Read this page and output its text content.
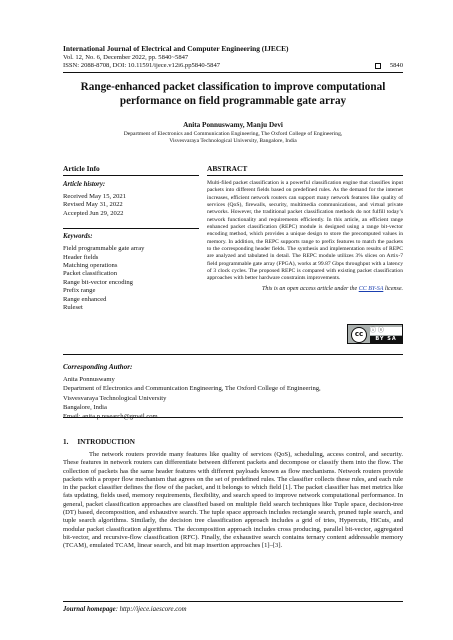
International Journal of Electrical and Computer Engineering (IJECE)
Vol. 12, No. 6, December 2022, pp. 5840~5847
ISSN: 2088-8708, DOI: 10.11591/ijece.v12i6.pp5840-5847	5840
Range-enhanced packet classification to improve computational performance on field programmable gate array
Anita Ponnuswamy, Manju Devi
Department of Electronics and Communication Engineering, The Oxford College of Engineering,
Visvesvaraya Technological University, Bangalore, India
Article Info
Article history:
Received May 15, 2021
Revised May 31, 2022
Accepted Jun 29, 2022
Keywords:
Field programmable gate array
Header fields
Matching operations
Packet classification
Range bit-vector encoding
Prefix range
Range enhanced
Ruleset
ABSTRACT
Multi-filed packet classification is a powerful classification engine that classifies input packets into different fields based on predefined rules. As the demand for the internet increases, efficient network routers can support many network features like quality of services (QoS), firewalls, security, multimedia communications, and virtual private networks. However, the traditional packet classification methods do not fulfill today’s network functionality and requirements efficiently. In this article, an efficient range enhanced packet classification (REPC) module is designed using a range bit-vector encoding method, which provides a unique design to store the precomputed values in memory. In addition, the REPC supports range to prefix features to match the packets to the corresponding header fields. The synthesis and implementation results of REPC are analyzed and tabulated in detail. The REPC module utilizes 3% slices on Artix-7 field programmable gate array (FPGA), works at 99.87 Gbps throughput with a latency of 3 clock cycles. The proposed REPC is compared with existing packet classification approaches with better hardware constraints improvements.
This is an open access article under the CC BY-SA license.
cc	ⓘ ⓢ
BY SA
Corresponding Author:
Anita Ponnuswamy
Department of Electronics and Communication Engineering, The Oxford College of Engineering,
Visvesvaraya Technological University
Bangalore, India
Email: anita.p.research@gmail.com
1.     INTRODUCTION
The network routers provide many features like quality of services (QoS), scheduling, access control, and security. These features in network routers can differentiate between different packets and decompose or classify them into the flow. The collection of packets has the same header features with different payloads known as flow mechanisms. Network routers provide packets with a proper flow mechanism that agrees on the set of predefined rules. The classifier collects these rules, and each rule in the packet classifier defines the flow of the packet, and it belongs to which field [1]. The packet classifier has met metrics like fats updating, fields used, memory requirements, flexibility, and search speed to improve network computational performance. In general, packet classification approaches are classified based on multiple field search techniques like Tuple space, decision-tree (DT) based, decomposition, and exhaustive search. The tuple space approach includes rectangle search, pruned tuple search, and tuple search algorithms. Similarly, the decision tree classification approach includes a grid of tries, Hypercuts, HiCuts, and modular packet classification algorithms. The decomposition approach includes cross producing, parallel bit-vector, aggregated bit-vector, and recursive-flow classification (RFC). Finally, the exhaustive search contains ternary content addressable memory (TCAM), emulated TCAM, linear search, and bit map insertion approaches [1]–[3].
Journal homepage: http://ijece.iaescore.com
